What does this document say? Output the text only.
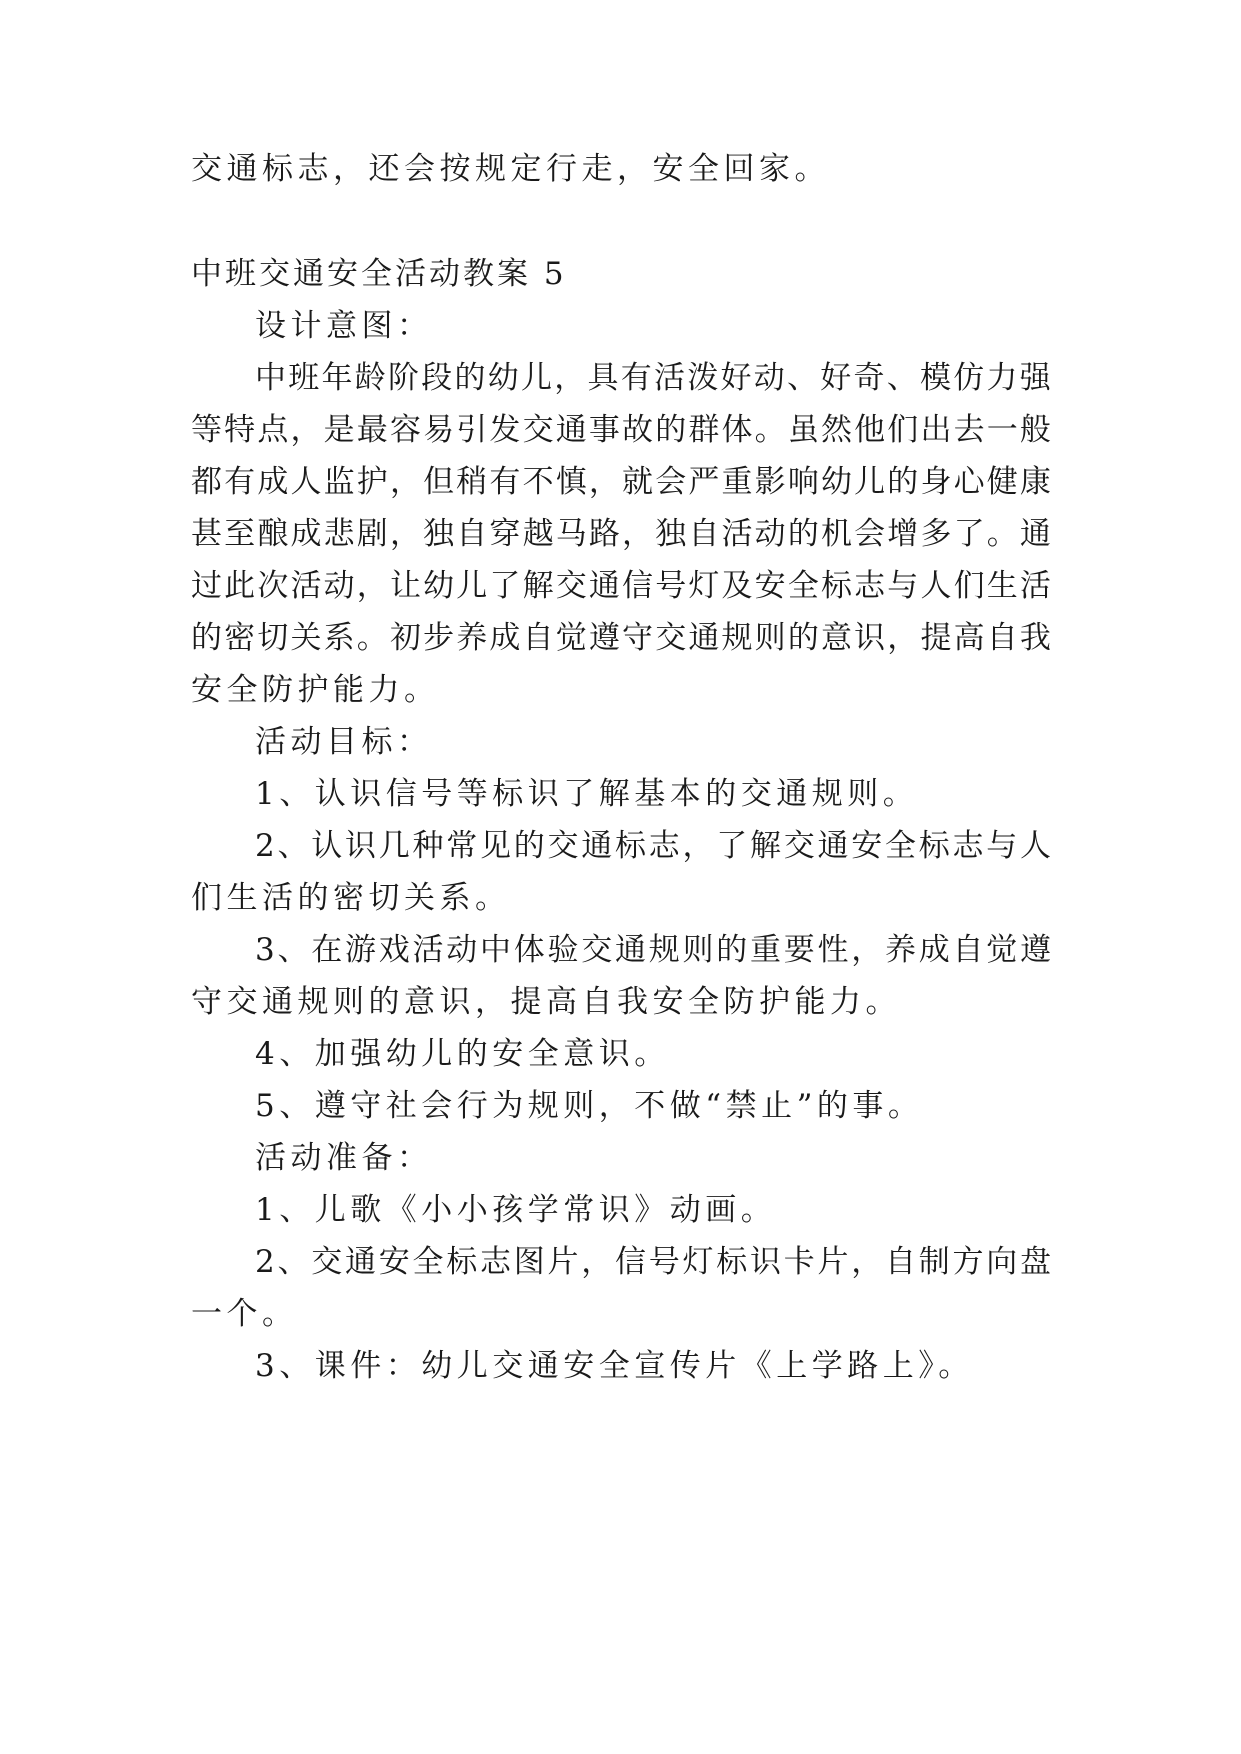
交通标志，还会按规定行走，安全回家。
中班交通安全活动教案 5
设计意图：
中 班 年 龄 阶 段 的 幼 儿 ， 具 有 活 泼 好 动 、 好 奇 、 模 仿 力 强
等 特 点 ， 是 最 容 易 引 发 交 通 事 故 的 群 体 。 虽 然 他 们 出 去 一 般
都 有 成 人 监 护 ， 但 稍 有 不 慎 ， 就 会 严 重 影 响 幼 儿 的 身 心 健 康
甚 至 酿 成 悲 剧 ， 独 自 穿 越 马 路 ， 独 自 活 动 的 机 会 增 多 了 。 通
过 此 次 活 动 ， 让 幼 儿 了 解 交 通 信 号 灯 及 安 全 标 志 与 人 们 生 活
的 密 切 关 系 。 初 步 养 成 自 觉 遵 守 交 通 规 则 的 意 识 ， 提 高 自 我
安全防护能力。
活动目标：
1、认识信号等标识了解基本的交通规则。
2 、 认 识 几 种 常 见 的 交 通 标 志 ， 了 解 交 通 安 全 标 志 与 人
们生活的密切关系。
3 、 在 游 戏 活 动 中 体 验 交 通 规 则 的 重 要 性 ， 养 成 自 觉 遵
守交通规则的意识，提高自我安全防护能力。
4、加强幼儿的安全意识。
5、遵守社会行为规则，不做“禁止”的事。
活动准备：
1、儿歌《小小孩学常识》动画。
2 、 交 通 安 全 标 志 图 片 ， 信 号 灯 标 识 卡 片 ， 自 制 方 向 盘
一个。
3、课件：幼儿交通安全宣传片《上学路上》。
